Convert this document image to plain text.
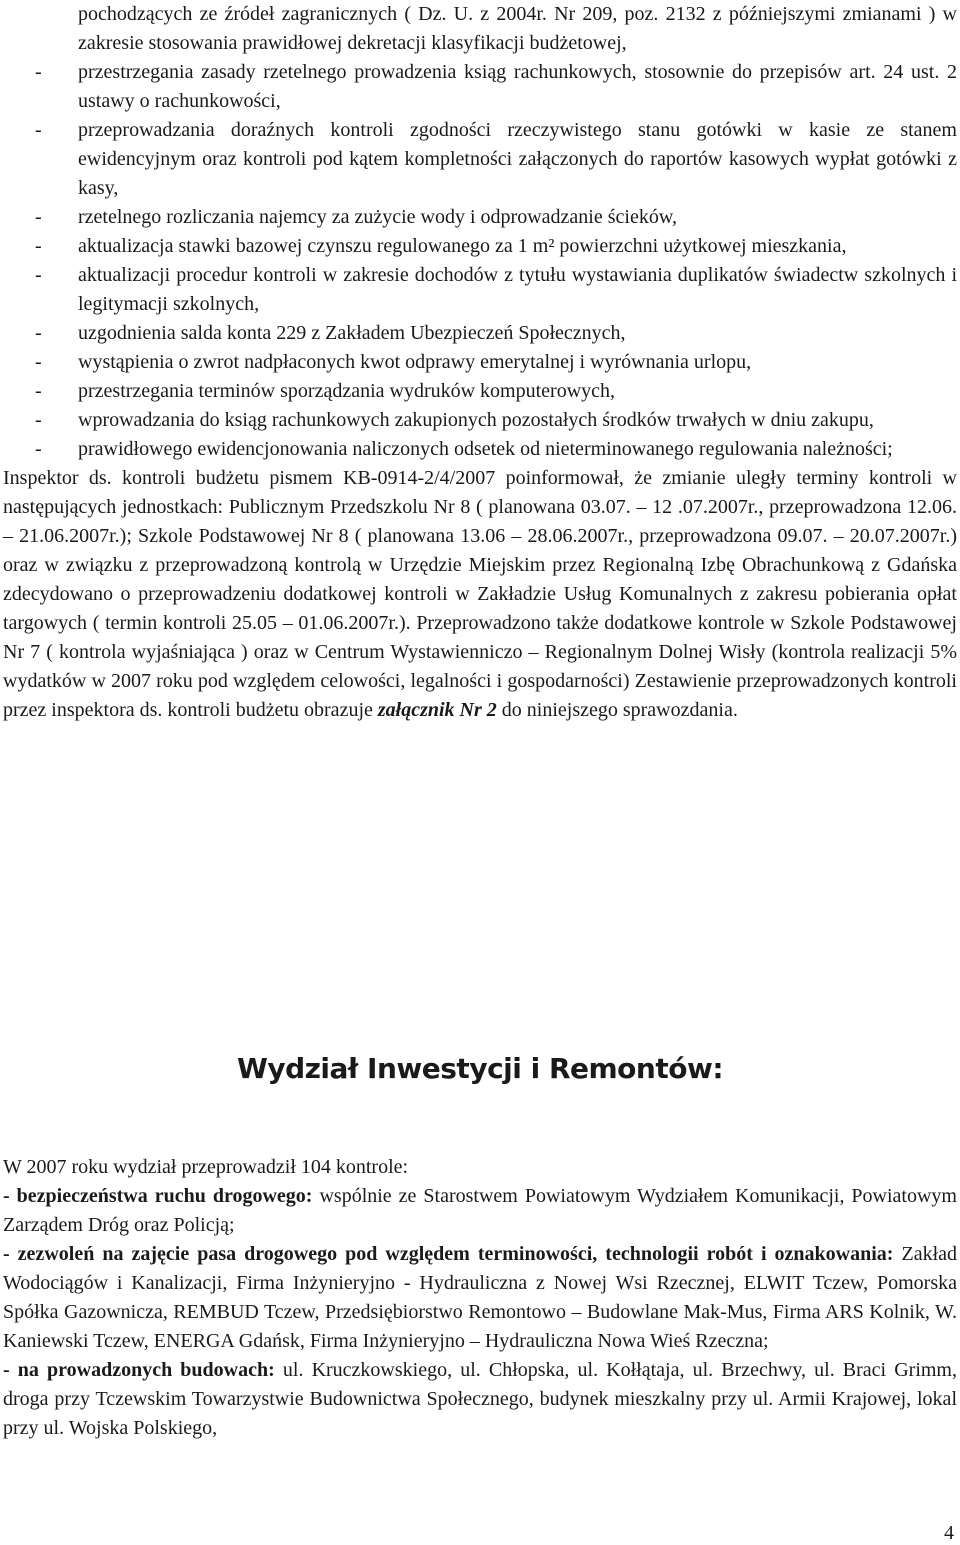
pochodzących ze źródeł zagranicznych ( Dz. U. z 2004r. Nr 209, poz. 2132 z późniejszymi zmianami ) w zakresie stosowania prawidłowej dekretacji klasyfikacji budżetowej,
- przestrzegania zasady rzetelnego prowadzenia ksiąg rachunkowych, stosownie do przepisów art. 24 ust. 2 ustawy o rachunkowości,
- przeprowadzania doraźnych kontroli zgodności rzeczywistego stanu gotówki w kasie ze stanem ewidencyjnym oraz kontroli pod kątem kompletności załączonych do raportów kasowych wypłat gotówki z kasy,
- rzetelnego rozliczania najemcy za zużycie wody i odprowadzanie ścieków,
- aktualizacja stawki bazowej czynszu regulowanego za 1 m² powierzchni użytkowej mieszkania,
- aktualizacji procedur kontroli w zakresie dochodów z tytułu wystawiania duplikatów świadectw szkolnych i legitymacji szkolnych,
- uzgodnienia salda konta 229 z Zakładem Ubezpieczeń Społecznych,
- wystąpienia o zwrot nadpłaconych kwot odprawy emerytalnej i wyrównania urlopu,
- przestrzegania terminów sporządzania wydruków komputerowych,
- wprowadzania do ksiąg rachunkowych zakupionych pozostałych środków trwałych w dniu zakupu,
- prawidłowego ewidencjonowania naliczonych odsetek od nieterminowanego regulowania należności;
Inspektor ds. kontroli budżetu pismem KB-0914-2/4/2007 poinformował, że zmianie uległy terminy kontroli w następujących jednostkach: Publicznym Przedszkolu Nr 8 ( planowana 03.07. – 12 .07.2007r., przeprowadzona 12.06. – 21.06.2007r.); Szkole Podstawowej Nr 8 ( planowana 13.06 – 28.06.2007r., przeprowadzona 09.07. – 20.07.2007r.) oraz w związku z przeprowadzoną kontrolą w Urzędzie Miejskim przez Regionalną Izbę Obrachunkową z Gdańska zdecydowano o przeprowadzeniu dodatkowej kontroli w Zakładzie Usług Komunalnych z zakresu pobierania opłat targowych ( termin kontroli 25.05 – 01.06.2007r.). Przeprowadzono także dodatkowe kontrole w Szkole Podstawowej Nr 7 ( kontrola wyjaśniająca ) oraz w Centrum Wystawienniczo – Regionalnym Dolnej Wisły (kontrola realizacji 5% wydatków w 2007 roku pod względem celowości, legalności i gospodarności) Zestawienie przeprowadzonych kontroli przez inspektora ds. kontroli budżetu obrazuje załącznik Nr 2 do niniejszego sprawozdania.
Wydział Inwestycji i Remontów:
W 2007 roku wydział przeprowadził 104 kontrole:
- bezpieczeństwa ruchu drogowego: wspólnie ze Starostwem Powiatowym Wydziałem Komunikacji, Powiatowym Zarządem Dróg oraz Policją;
- zezwoleń na zajęcie pasa drogowego pod względem terminowości, technologii robót i oznakowania: Zakład Wodociągów i Kanalizacji, Firma Inżynieryjno - Hydrauliczna z Nowej Wsi Rzecznej, ELWIT Tczew, Pomorska Spółka Gazownicza, REMBUD Tczew, Przedsiębiorstwo Remontowo – Budowlane Mak-Mus, Firma ARS Kolnik, W. Kaniewski Tczew, ENERGA Gdańsk, Firma Inżynieryjno – Hydrauliczna Nowa Wieś Rzeczna;
- na prowadzonych budowach: ul. Kruczkowskiego, ul. Chłopska, ul. Kołłątaja, ul. Brzechwy, ul. Braci Grimm, droga przy Tczewskim Towarzystwie Budownictwa Społecznego, budynek mieszkalny przy ul. Armii Krajowej, lokal przy ul. Wojska Polskiego,
4
